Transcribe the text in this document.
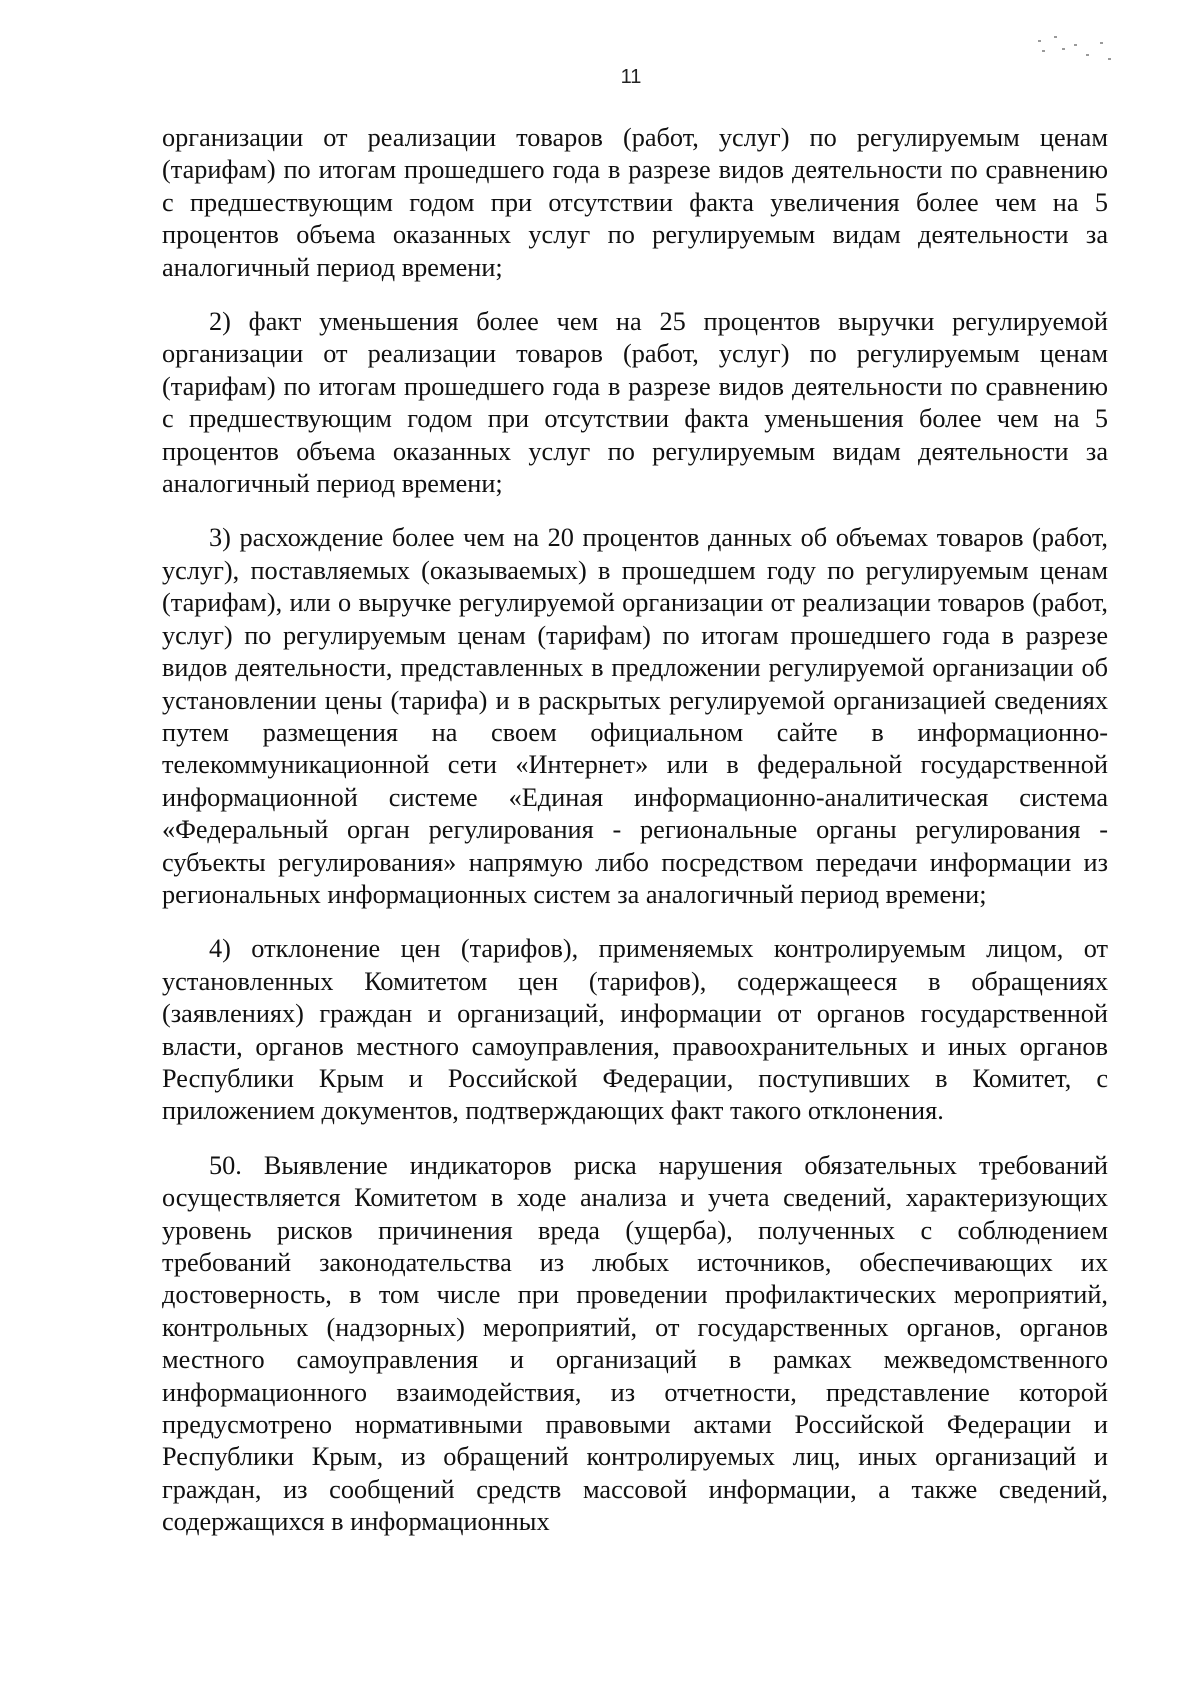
11

организации от реализации товаров (работ, услуг) по регулируемым ценам (тарифам) по итогам прошедшего года в разрезе видов деятельности по сравнению с предшествующим годом при отсутствии факта увеличения более чем на 5 процентов объема оказанных услуг по регулируемым видам деятельности за аналогичный период времени;

2) факт уменьшения более чем на 25 процентов выручки регулируемой организации от реализации товаров (работ, услуг) по регулируемым ценам (тарифам) по итогам прошедшего года в разрезе видов деятельности по сравнению с предшествующим годом при отсутствии факта уменьшения более чем на 5 процентов объема оказанных услуг по регулируемым видам деятельности за аналогичный период времени;

3) расхождение более чем на 20 процентов данных об объемах товаров (работ, услуг), поставляемых (оказываемых) в прошедшем году по регулируемым ценам (тарифам), или о выручке регулируемой организации от реализации товаров (работ, услуг) по регулируемым ценам (тарифам) по итогам прошедшего года в разрезе видов деятельности, представленных в предложении регулируемой организации об установлении цены (тарифа) и в раскрытых регулируемой организацией сведениях путем размещения на своем официальном сайте в информационно-телекоммуникационной сети «Интернет» или в федеральной государственной информационной системе «Единая информационно-аналитическая система «Федеральный орган регулирования - региональные органы регулирования - субъекты регулирования» напрямую либо посредством передачи информации из региональных информационных систем за аналогичный период времени;

4) отклонение цен (тарифов), применяемых контролируемым лицом, от установленных Комитетом цен (тарифов), содержащееся в обращениях (заявлениях) граждан и организаций, информации от органов государственной власти, органов местного самоуправления, правоохранительных и иных органов Республики Крым и Российской Федерации, поступивших в Комитет, с приложением документов, подтверждающих факт такого отклонения.

50. Выявление индикаторов риска нарушения обязательных требований осуществляется Комитетом в ходе анализа и учета сведений, характеризующих уровень рисков причинения вреда (ущерба), полученных с соблюдением требований законодательства из любых источников, обеспечивающих их достоверность, в том числе при проведении профилактических мероприятий, контрольных (надзорных) мероприятий, от государственных органов, органов местного самоуправления и организаций в рамках межведомственного информационного взаимодействия, из отчетности, представление которой предусмотрено нормативными правовыми актами Российской Федерации и Республики Крым, из обращений контролируемых лиц, иных организаций и граждан, из сообщений средств массовой информации, а также сведений, содержащихся в информационных
